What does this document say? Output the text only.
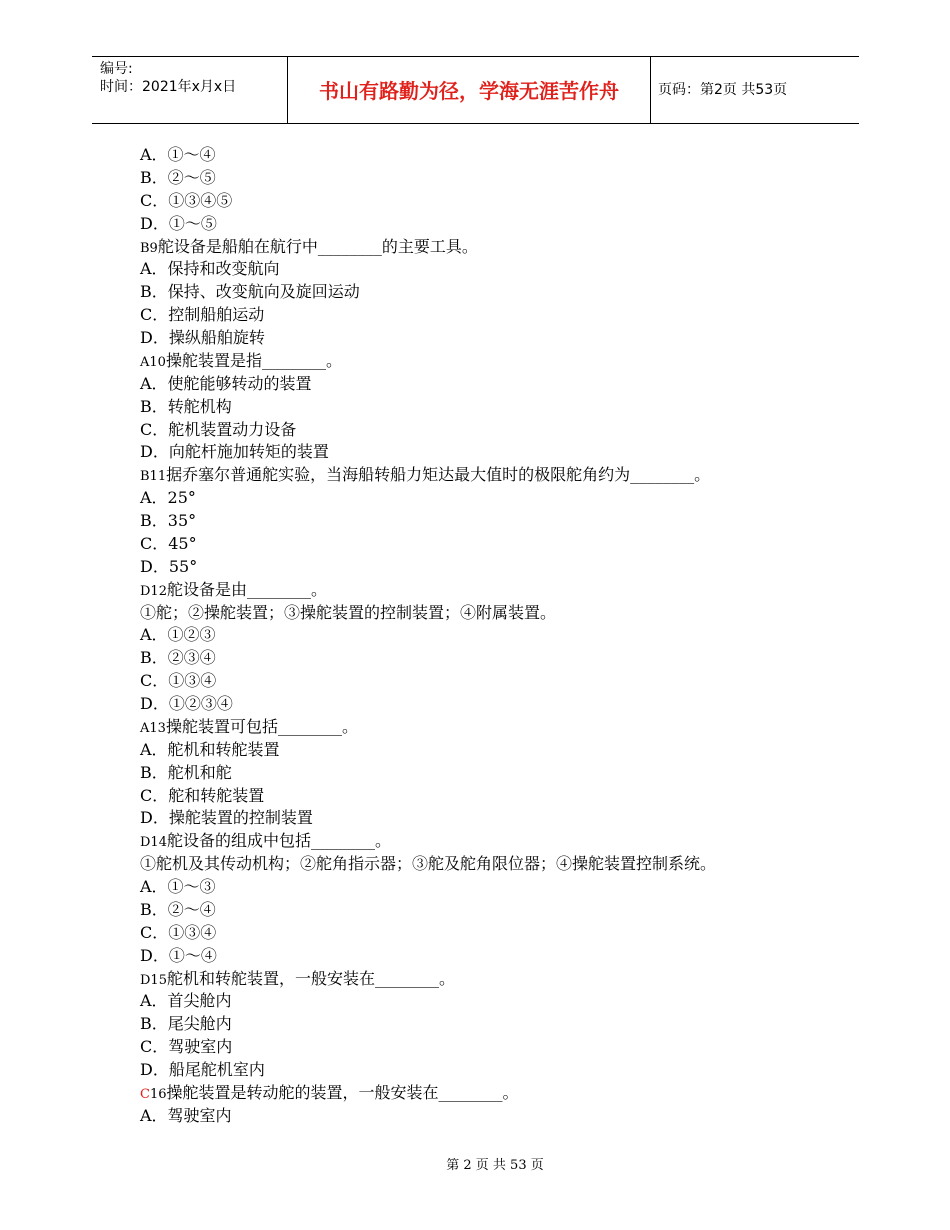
编号:
时间：2021年x月x日	书山有路勤为径，学海无涯苦作舟	页码：第2页 共53页
A．①～④
B．②～⑤
C．①③④⑤
D．①～⑤
B9舵设备是船舶在航行中________的主要工具。
A．保持和改变航向
B．保持、改变航向及旋回运动
C．控制船舶运动
D．操纵船舶旋转
A10操舵装置是指________。
A．使舵能够转动的装置
B．转舵机构
C．舵机装置动力设备
D．向舵杆施加转矩的装置
B11据乔塞尔普通舵实验，当海船转船力矩达最大值时的极限舵角约为________。
A．25°
B．35°
C．45°
D．55°
D12舵设备是由________。
①舵；②操舵装置；③操舵装置的控制装置；④附属装置。
A．①②③
B．②③④
C．①③④
D．①②③④
A13操舵装置可包括________。
A．舵机和转舵装置
B．舵机和舵
C．舵和转舵装置
D．操舵装置的控制装置
D14舵设备的组成中包括________。
①舵机及其传动机构；②舵角指示器；③舵及舵角限位器；④操舵装置控制系统。
A．①～③
B．②～④
C．①③④
D．①～④
D15舵机和转舵装置，一般安装在________。
A．首尖舱内
B．尾尖舱内
C．驾驶室内
D．船尾舵机室内
C16操舵装置是转动舵的装置，一般安装在________。
A．驾驶室内
第 2 页 共 53 页
